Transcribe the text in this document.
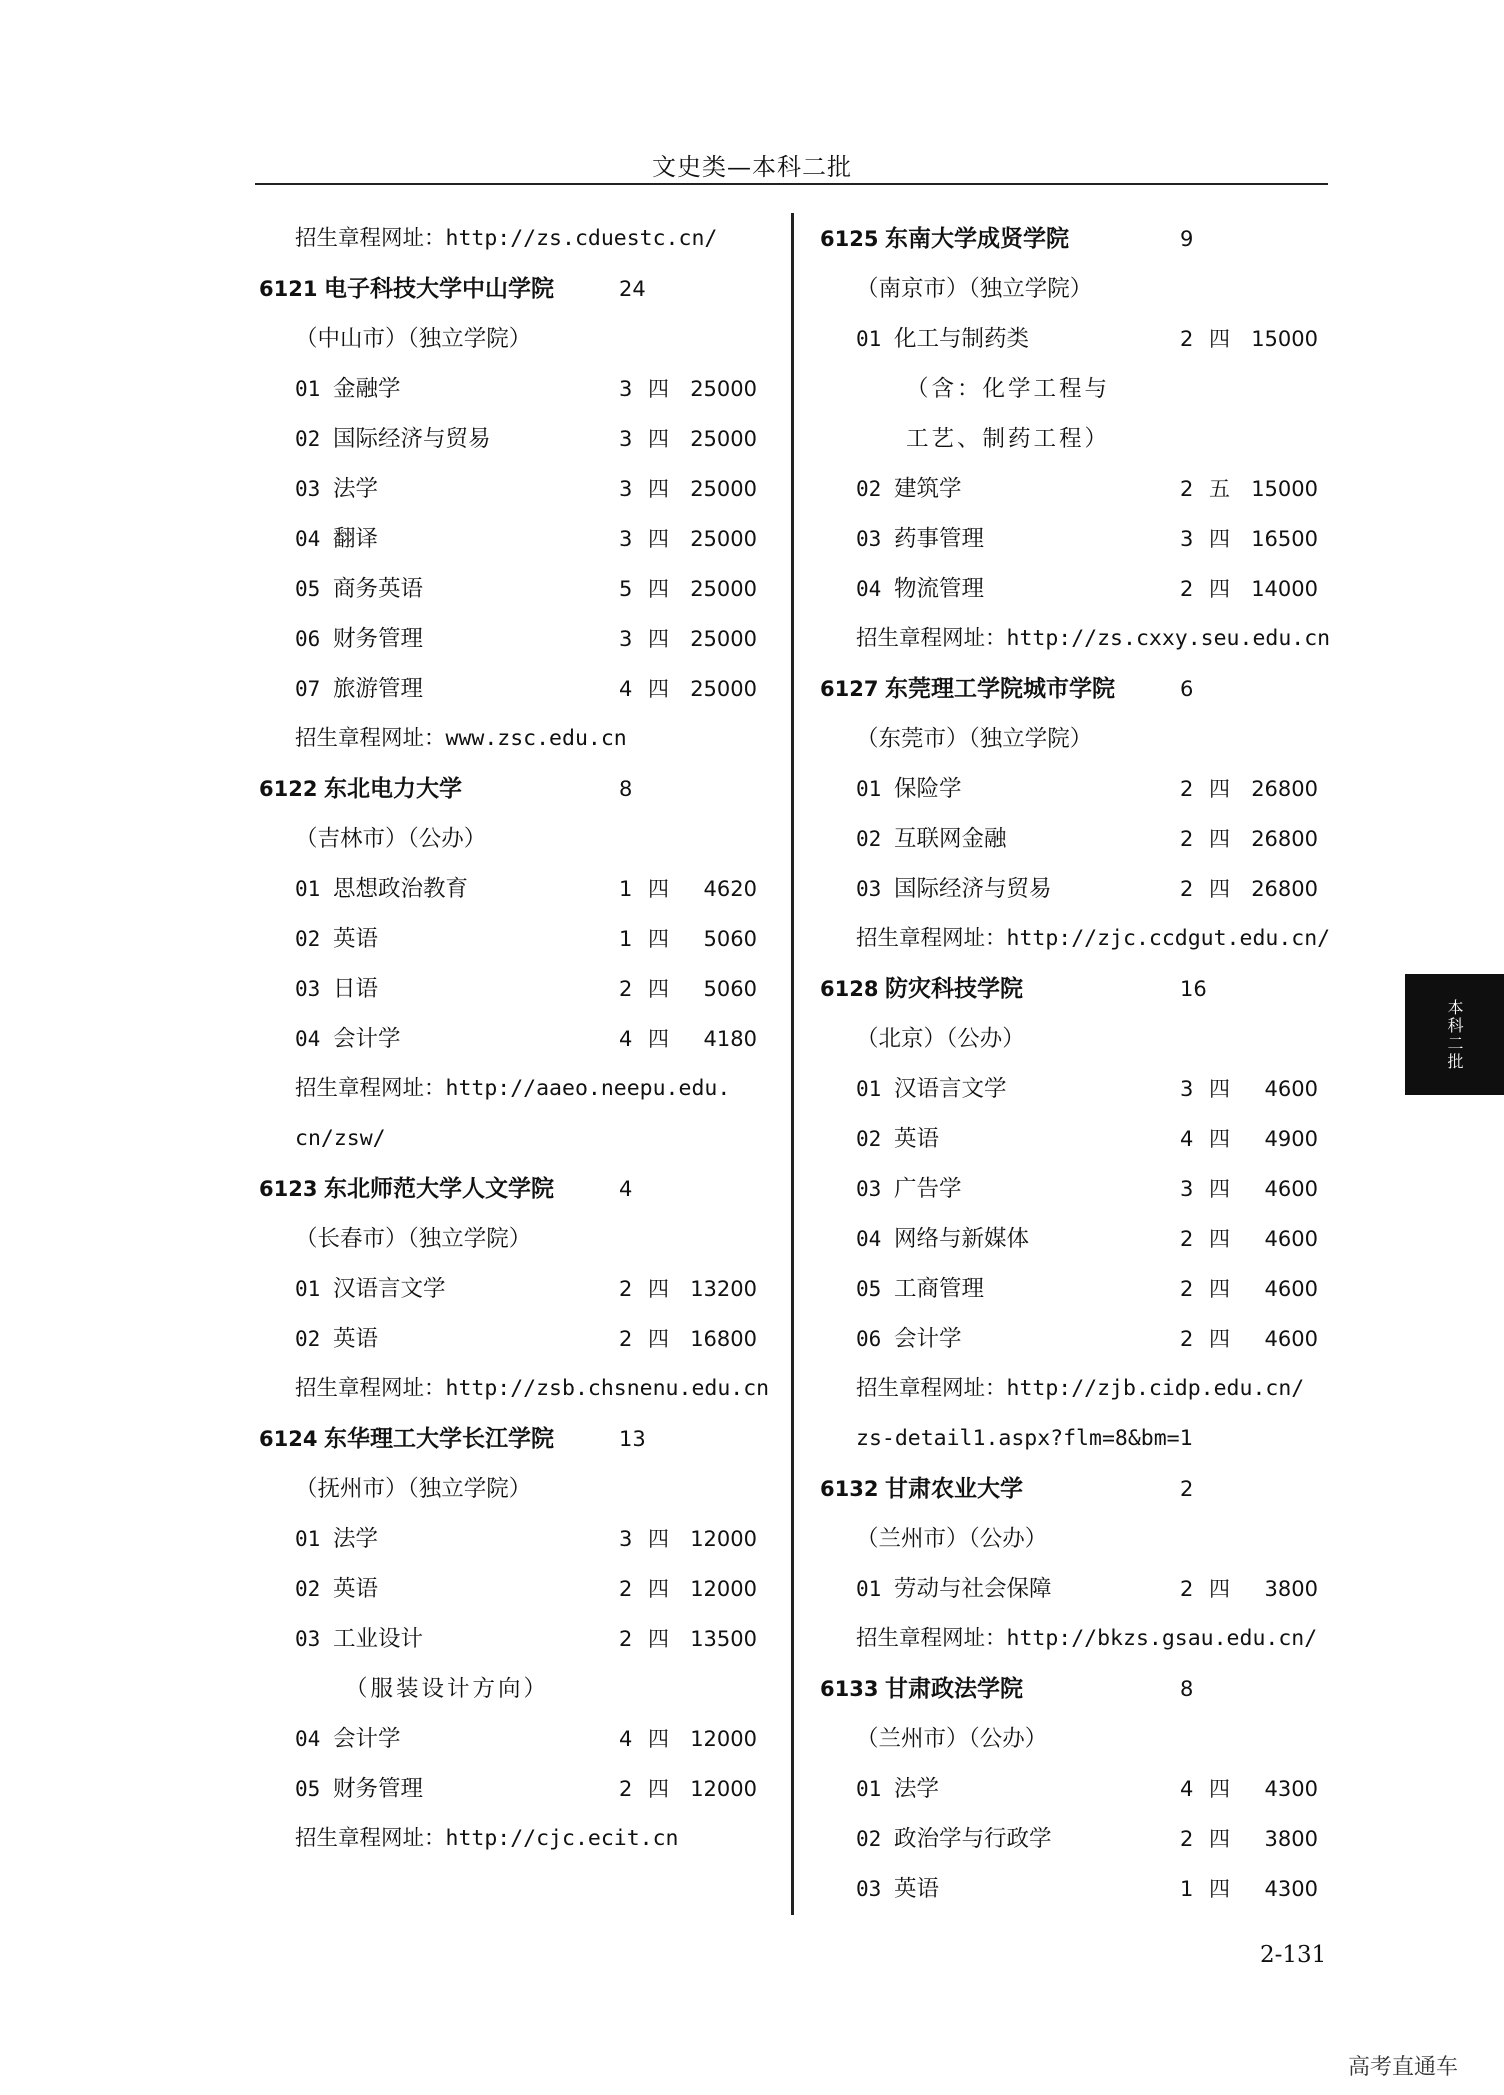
文史类—本科二批
招生章程网址：http://zs.cduestc.cn/
6121 电子科技大学中山学院	24
（中山市）（独立学院）
01 金融学	3 四 25000
02 国际经济与贸易	3 四 25000
03 法学	3 四 25000
04 翻译	3 四 25000
05 商务英语	5 四 25000
06 财务管理	3 四 25000
07 旅游管理	4 四 25000
招生章程网址：www.zsc.edu.cn
6122 东北电力大学	8
（吉林市）（公办）
01 思想政治教育	1 四 4620
02 英语	1 四 5060
03 日语	2 四 5060
04 会计学	4 四 4180
招生章程网址：http://aaeo.neepu.edu.
cn/zsw/
6123 东北师范大学人文学院	4
（长春市）（独立学院）
01 汉语言文学	2 四 13200
02 英语	2 四 16800
招生章程网址：http://zsb.chsnenu.edu.cn
6124 东华理工大学长江学院	13
（抚州市）（独立学院）
01 法学	3 四 12000
02 英语	2 四 12000
03 工业设计	2 四 13500
（服装设计方向）
04 会计学	4 四 12000
05 财务管理	2 四 12000
招生章程网址：http://cjc.ecit.cn
6125 东南大学成贤学院	9
（南京市）（独立学院）
01 化工与制药类	2 四 15000
（含：化学工程与
工艺、制药工程）
02 建筑学	2 五 15000
03 药事管理	3 四 16500
04 物流管理	2 四 14000
招生章程网址：http://zs.cxxy.seu.edu.cn
6127 东莞理工学院城市学院	6
（东莞市）（独立学院）
01 保险学	2 四 26800
02 互联网金融	2 四 26800
03 国际经济与贸易	2 四 26800
招生章程网址：http://zjc.ccdgut.edu.cn/
6128 防灾科技学院	16
（北京）（公办）
01 汉语言文学	3 四 4600
02 英语	4 四 4900
03 广告学	3 四 4600
04 网络与新媒体	2 四 4600
05 工商管理	2 四 4600
06 会计学	2 四 4600
招生章程网址：http://zjb.cidp.edu.cn/
zs-detail1.aspx?flm=8&bm=1
6132 甘肃农业大学	2
（兰州市）（公办）
01 劳动与社会保障	2 四 3800
招生章程网址：http://bkzs.gsau.edu.cn/
6133 甘肃政法学院	8
（兰州市）（公办）
01 法学	4 四 4300
02 政治学与行政学	2 四 3800
03 英语	1 四 4300
本科二批
2-131
高考直通车
